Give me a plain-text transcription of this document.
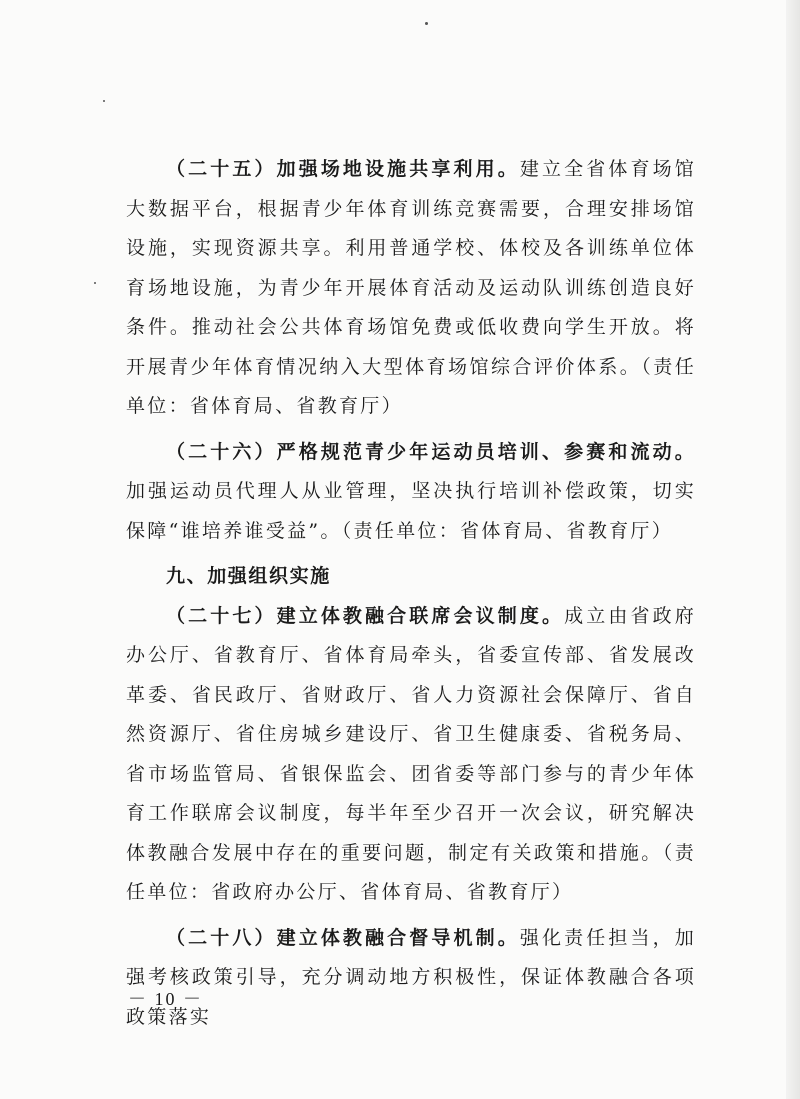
（二十五）加强场地设施共享利用。建立全省体育场馆大数据平台，根据青少年体育训练竞赛需要，合理安排场馆设施，实现资源共享。利用普通学校、体校及各训练单位体育场地设施，为青少年开展体育活动及运动队训练创造良好条件。推动社会公共体育场馆免费或低收费向学生开放。将开展青少年体育情况纳入大型体育场馆综合评价体系。（责任单位：省体育局、省教育厅）

（二十六）严格规范青少年运动员培训、参赛和流动。加强运动员代理人从业管理，坚决执行培训补偿政策，切实保障“谁培养谁受益”。（责任单位：省体育局、省教育厅）

九、加强组织实施

（二十七）建立体教融合联席会议制度。成立由省政府办公厅、省教育厅、省体育局牵头，省委宣传部、省发展改革委、省民政厅、省财政厅、省人力资源社会保障厅、省自然资源厅、省住房城乡建设厅、省卫生健康委、省税务局、省市场监管局、省银保监会、团省委等部门参与的青少年体育工作联席会议制度，每半年至少召开一次会议，研究解决体教融合发展中存在的重要问题，制定有关政策和措施。（责任单位：省政府办公厅、省体育局、省教育厅）

（二十八）建立体教融合督导机制。强化责任担当，加强考核政策引导，充分调动地方积极性，保证体教融合各项政策落实

－ 10 －
